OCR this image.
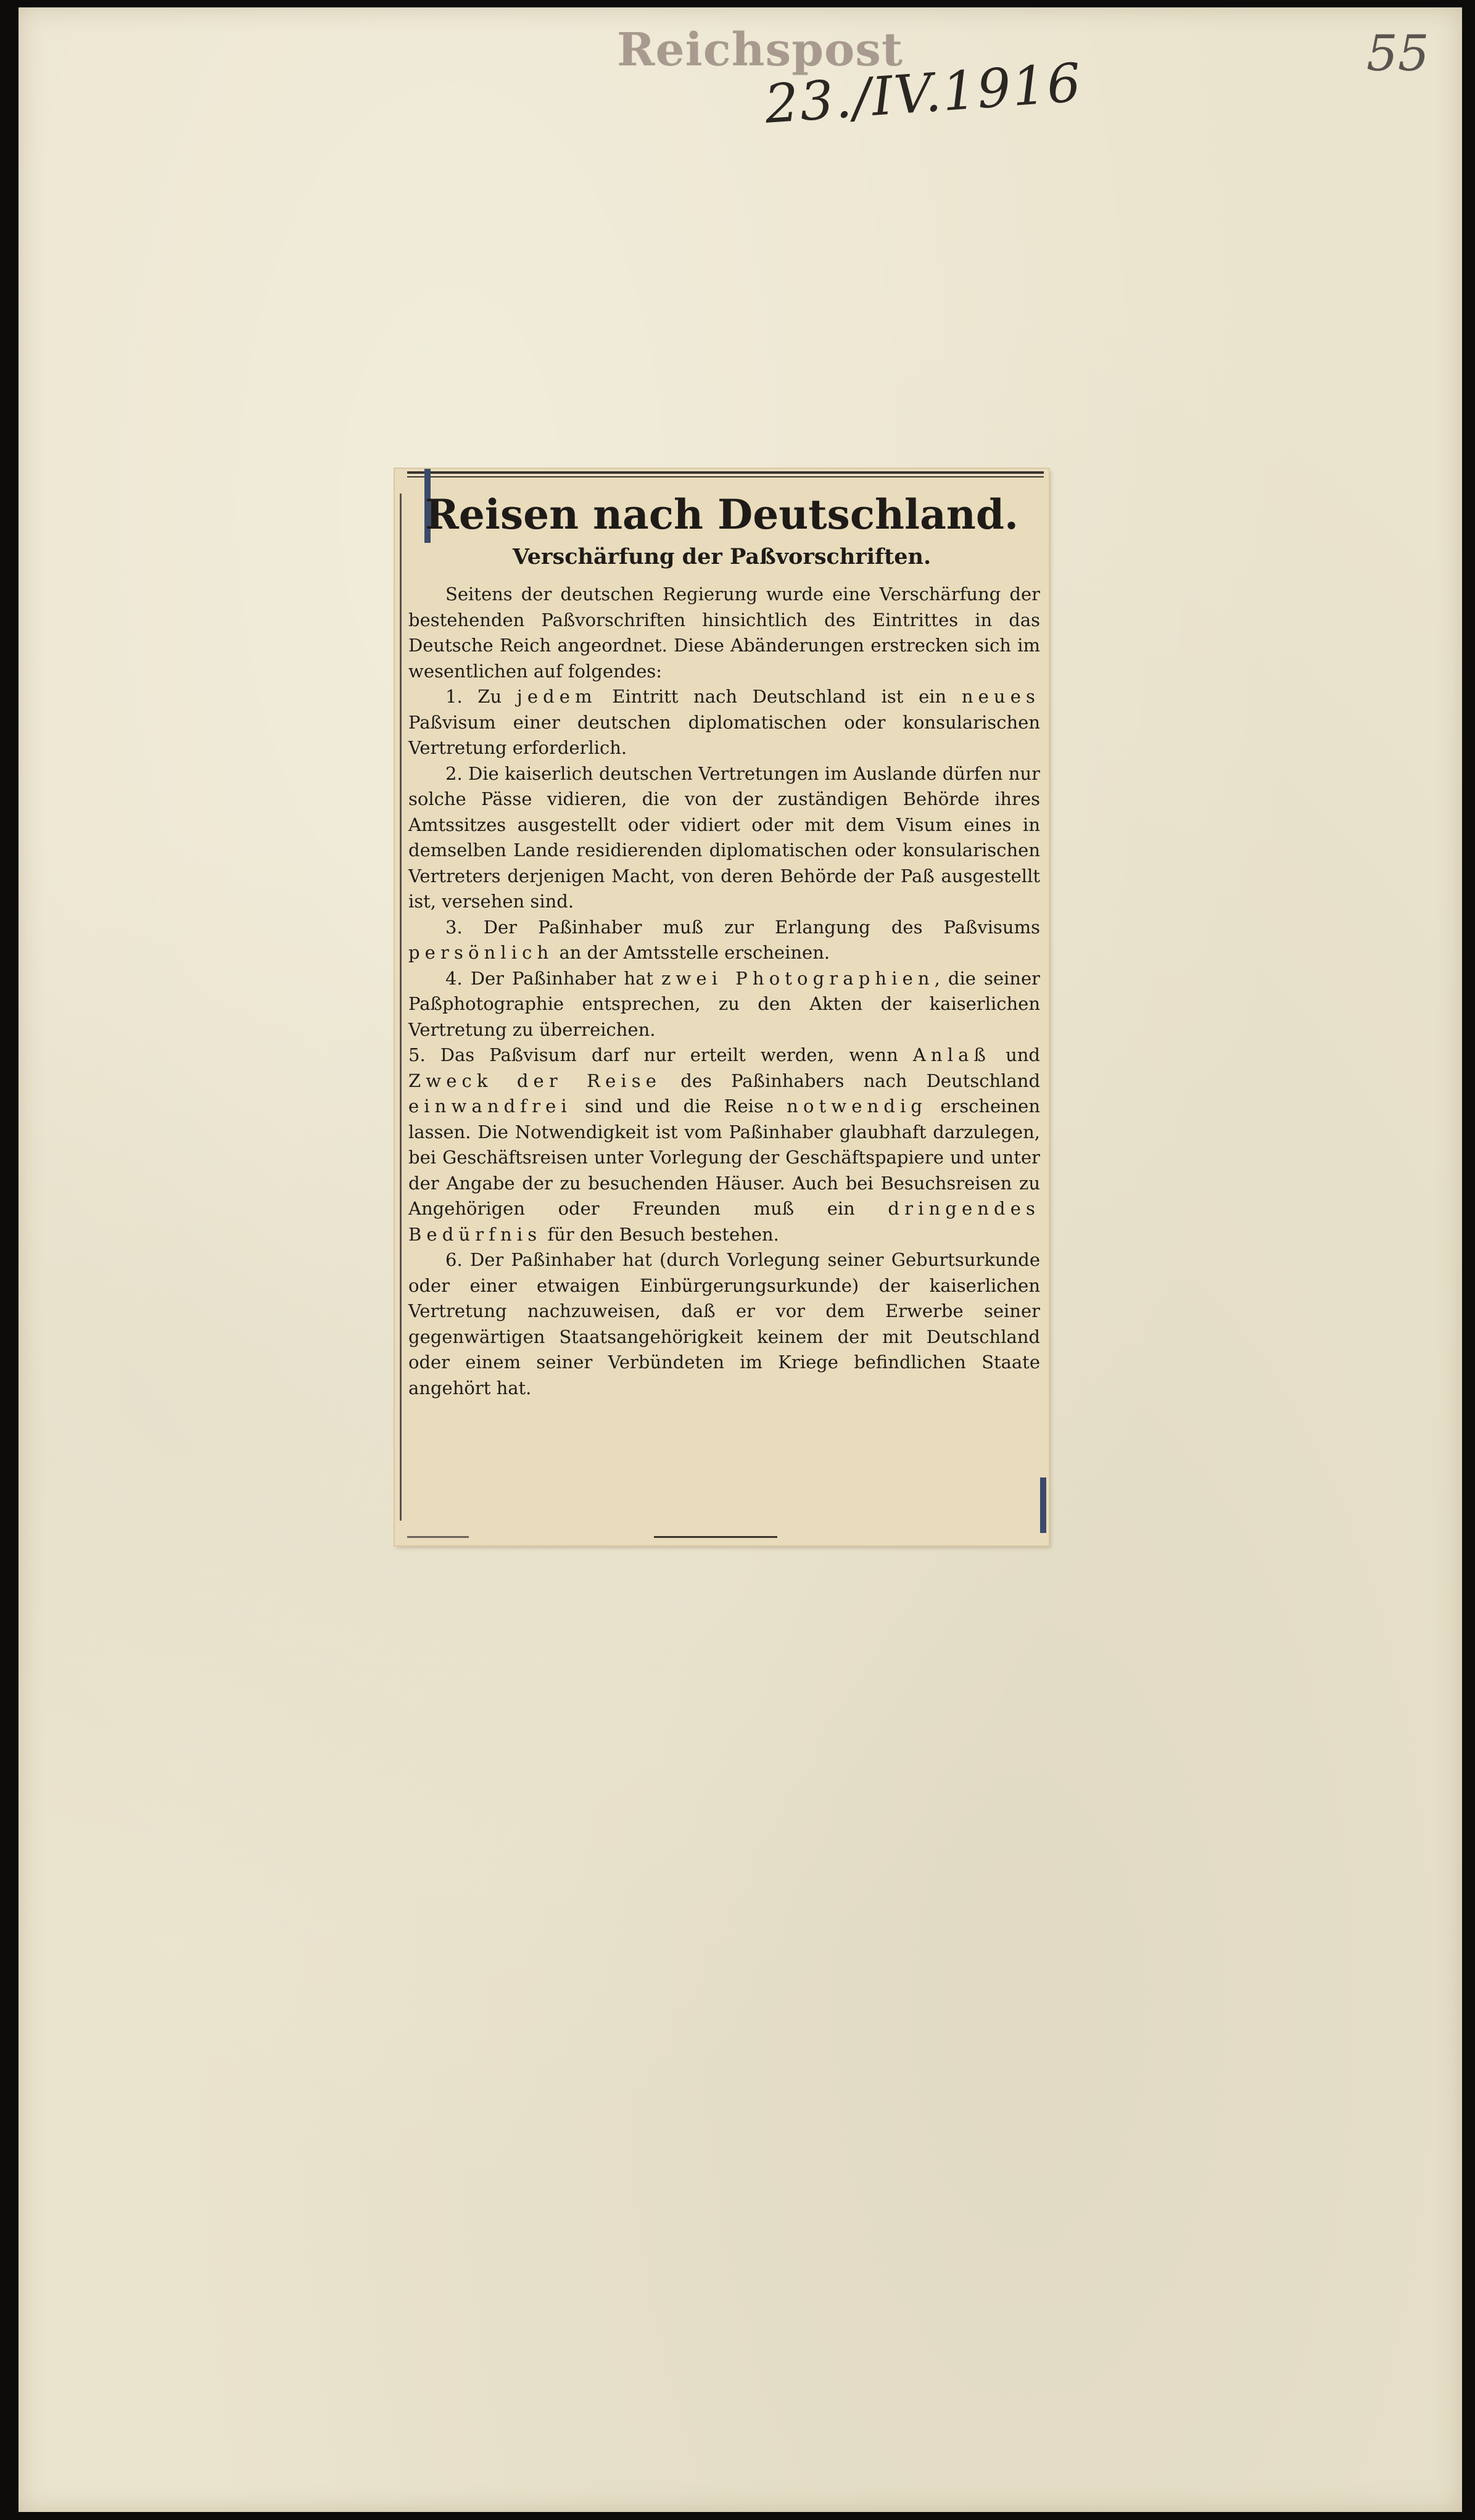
Reichspost
23./IV.1916	55
Reisen nach Deutschland.
Verschärfung der Paßvorschriften.

Seitens der deutschen Regierung wurde eine Verschärfung der bestehenden Paßvorschriften hinsichtlich des Eintrittes in das Deutsche Reich angeordnet. Diese Abänderungen erstrecken sich im wesentlichen auf folgendes:

1. Zu jedem Eintritt nach Deutschland ist ein neues Paßvisum einer deutschen diplomatischen oder konsularischen Vertretung erforderlich.

2. Die kaiserlich deutschen Vertretungen im Auslande dürfen nur solche Pässe vidieren, die von der zuständigen Behörde ihres Amtssitzes ausgestellt oder vidiert oder mit dem Visum eines in demselben Lande residierenden diplomatischen oder konsularischen Vertreters derjenigen Macht, von deren Behörde der Paß ausgestellt ist, versehen sind.

3. Der Paßinhaber muß zur Erlangung des Paßvisums persönlich an der Amtsstelle erscheinen.

4. Der Paßinhaber hat zwei Photographien, die seiner Paßphotographie entsprechen, zu den Akten der kaiserlichen Vertretung zu überreichen.

5. Das Paßvisum darf nur erteilt werden, wenn Anlaß und Zweck der Reise des Paßinhabers nach Deutschland einwandfrei sind und die Reise notwendig erscheinen lassen. Die Notwendigkeit ist vom Paßinhaber glaubhaft darzulegen, bei Geschäftsreisen unter Vorlegung der Geschäftspapiere und unter der Angabe der zu besuchenden Häuser. Auch bei Besuchsreisen zu Angehörigen oder Freunden muß ein dringendes Bedürfnis für den Besuch bestehen.

6. Der Paßinhaber hat (durch Vorlegung seiner Geburtsurkunde oder einer etwaigen Einbürgerungsurkunde) der kaiserlichen Vertretung nachzuweisen, daß er vor dem Erwerbe seiner gegenwärtigen Staatsangehörigkeit keinem der mit Deutschland oder einem seiner Verbündeten im Kriege befindlichen Staate angehört hat.
